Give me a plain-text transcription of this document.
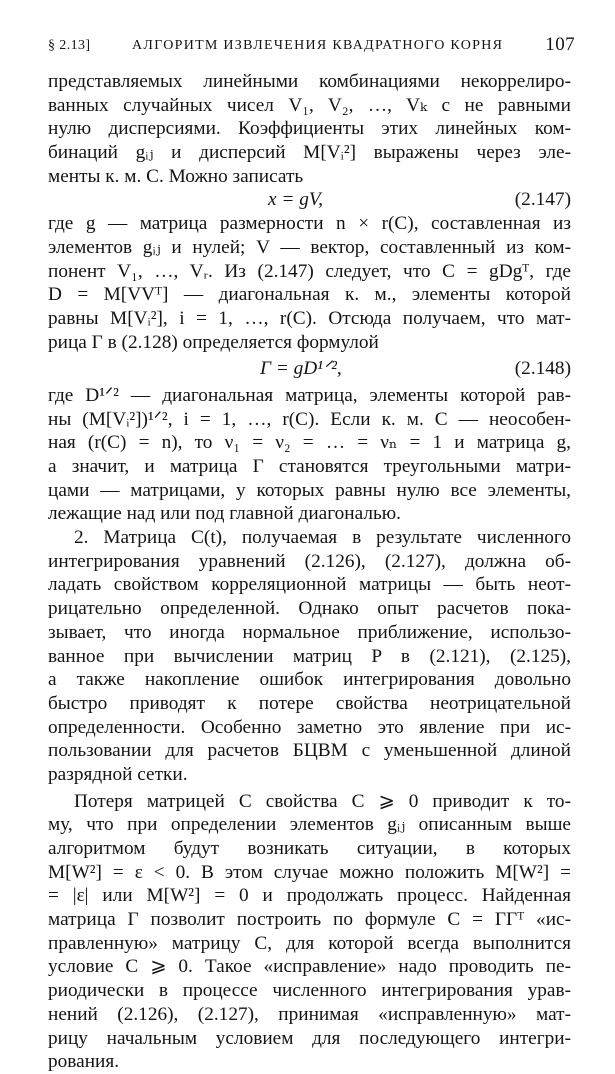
§ 2.13]	АЛГОРИТМ ИЗВЛЕЧЕНИЯ КВАДРАТНОГО КОРНЯ 107
представляемых линейными комбинациями некоррелиро-
ванных случайных чисел V₁, V₂, …, Vₖ с не равными
нулю дисперсиями. Коэффициенты этих линейных ком-
бинаций gᵢⱼ и дисперсий M[Vᵢ²] выражены через эле-
менты к. м. C. Можно записать
x = gV,	(2.147)
где g — матрица размерности n × r(C), составленная из
элементов gᵢⱼ и нулей; V — вектор, составленный из ком-
понент V₁, …, Vᵣ. Из (2.147) следует, что C = gDgᵀ, где
D = M[VVᵀ] — диагональная к. м., элементы которой
равны M[Vᵢ²], i = 1, …, r(C). Отсюда получаем, что мат-
рица Γ в (2.128) определяется формулой
Γ = gD¹ᐟ²,	(2.148)
где D¹ᐟ² — диагональная матрица, элементы которой рав-
ны (M[Vᵢ²])¹ᐟ², i = 1, …, r(C). Если к. м. C — неособен-
ная (r(C) = n), то ν₁ = ν₂ = … = νₙ = 1 и матрица g,
а значит, и матрица Γ становятся треугольными матри-
цами — матрицами, у которых равны нулю все элементы,
лежащие над или под главной диагональю.
2. Матрица C(t), получаемая в результате численного
интегрирования уравнений (2.126), (2.127), должна об-
ладать свойством корреляционной матрицы — быть неот-
рицательно определенной. Однако опыт расчетов пока-
зывает, что иногда нормальное приближение, использо-
ванное при вычислении матриц P в (2.121), (2.125),
а также накопление ошибок интегрирования довольно
быстро приводят к потере свойства неотрицательной
определенности. Особенно заметно это явление при ис-
пользовании для расчетов БЦВМ с уменьшенной длиной
разрядной сетки.
Потеря матрицей C свойства C ⩾ 0 приводит к то-
му, что при определении элементов gᵢⱼ описанным выше
алгоритмом будут возникать ситуации, в которых
M[W²] = ε < 0. В этом случае можно положить M[W²] =
= |ε| или M[W²] = 0 и продолжать процесс. Найденная
матрица Γ позволит построить по формуле C = ΓΓᵀ «ис-
правленную» матрицу C, для которой всегда выполнится
условие C ⩾ 0. Такое «исправление» надо проводить пе-
риодически в процессе численного интегрирования урав-
нений (2.126), (2.127), принимая «исправленную» мат-
рицу начальным условием для последующего интегри-
рования.
